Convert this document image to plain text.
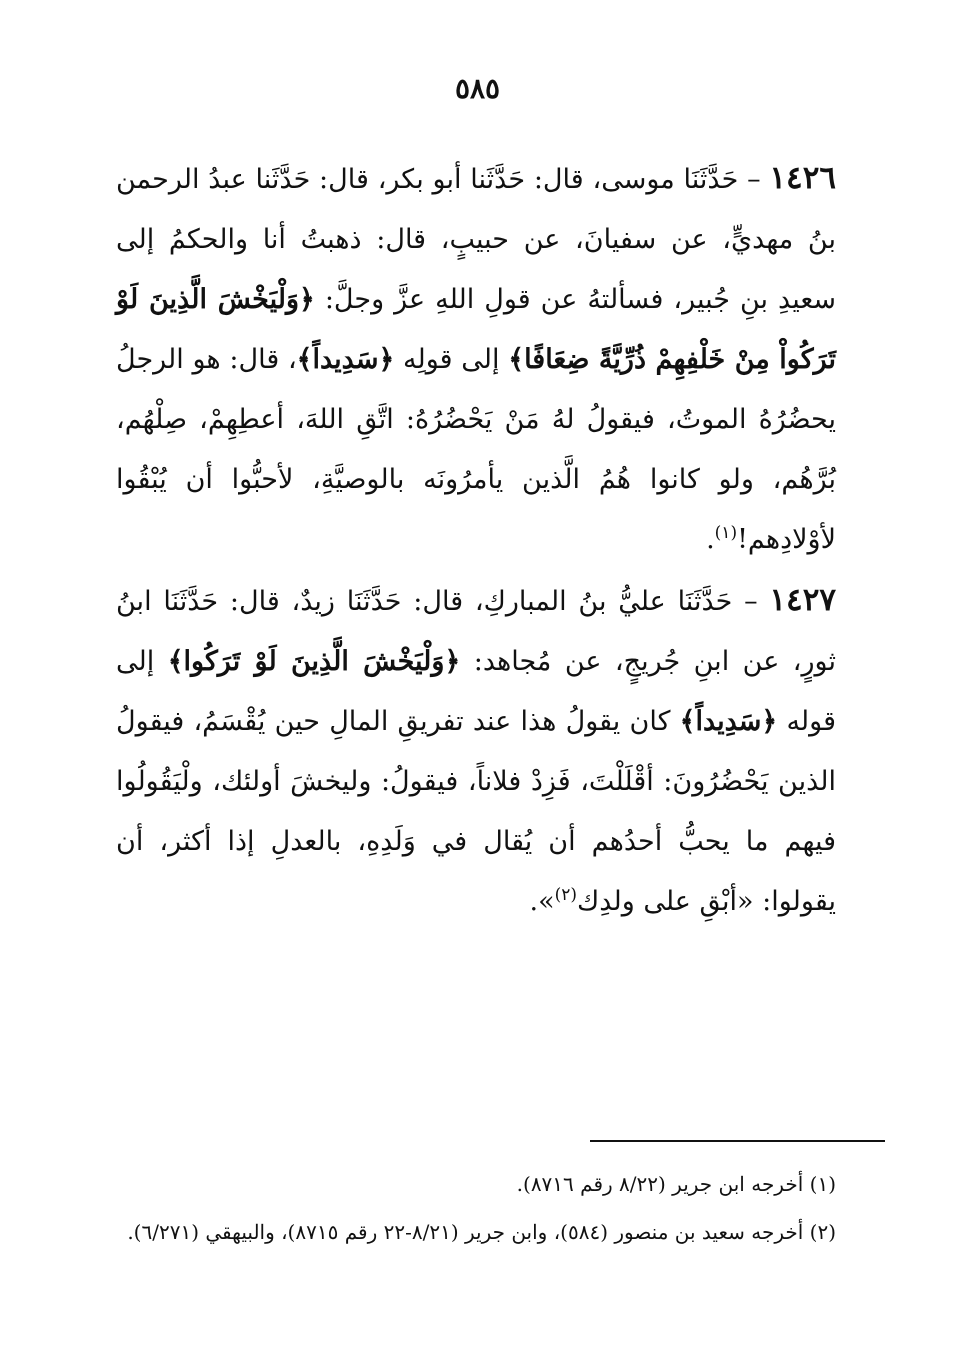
٥٨٥

١٤٢٦ – حَدَّثَنَا موسى، قال: حَدَّثَنا أبو بكر، قال: حَدَّثَنا عبدُ الرحمن بنُ مهديٍّ، عن سفيانَ، عن حبيبٍ، قال: ذهبتُ أنا والحكمُ إلى سعيدِ بنِ جُبير، فسألتهُ عن قولِ اللهِ عزَّ وجلَّ: ﴿وَلْيَخْشَ الَّذِينَ لَوْ تَرَكُواْ مِنْ خَلْفِهِمْ ذُرِّيَّةً ضِعَافًا﴾ إلى قولِه ﴿سَدِيداً﴾، قال: هو الرجلُ يحضُرُهُ الموتُ، فيقولُ لهُ مَنْ يَحْضُرُهُ: اتَّقِ اللهَ، أعطِهِمْ، صِلْهُم، بُرَّهُم، ولو كانوا هُمُ الَّذين يأمرُونَه بالوصيَّةِ، لأحبُّوا أن يُبْقُوا لأوْلادِهم!$^{(١)}$.

١٤٢٧ – حَدَّثَنَا عليُّ بنُ المباركِ، قال: حَدَّثَنَا زيدٌ، قال: حَدَّثَنَا ابنُ ثورٍ، عن ابنِ جُريجٍ، عن مُجاهد: ﴿وَلْيَخْشَ الَّذِينَ لَوْ تَرَكُوا﴾ إلى قوله ﴿سَدِيداً﴾ كان يقولُ هذا عند تفريقِ المالِ حين يُقْسَمُ، فيقولُ الذين يَحْضُرُونَ: أقْلَلْتَ، فَزِدْ فلاناً، فيقولُ: وليخشَ أولئك، ولْيَقُولُوا فيهم ما يحبُّ أحدُهم أن يُقال في وَلَدِهِ، بالعدلِ إذا أكثر، أن يقولوا: «أبْقِ على ولدِك$^{(٢)}$».

(١) أخرجه ابن جرير (٨/٢٢ رقم ٨٧١٦).

(٢) أخرجه سعيد بن منصور (٥٨٤)، وابن جرير (٨/٢١-٢٢ رقم ٨٧١٥)، والبيهقي (٦/٢٧١).
